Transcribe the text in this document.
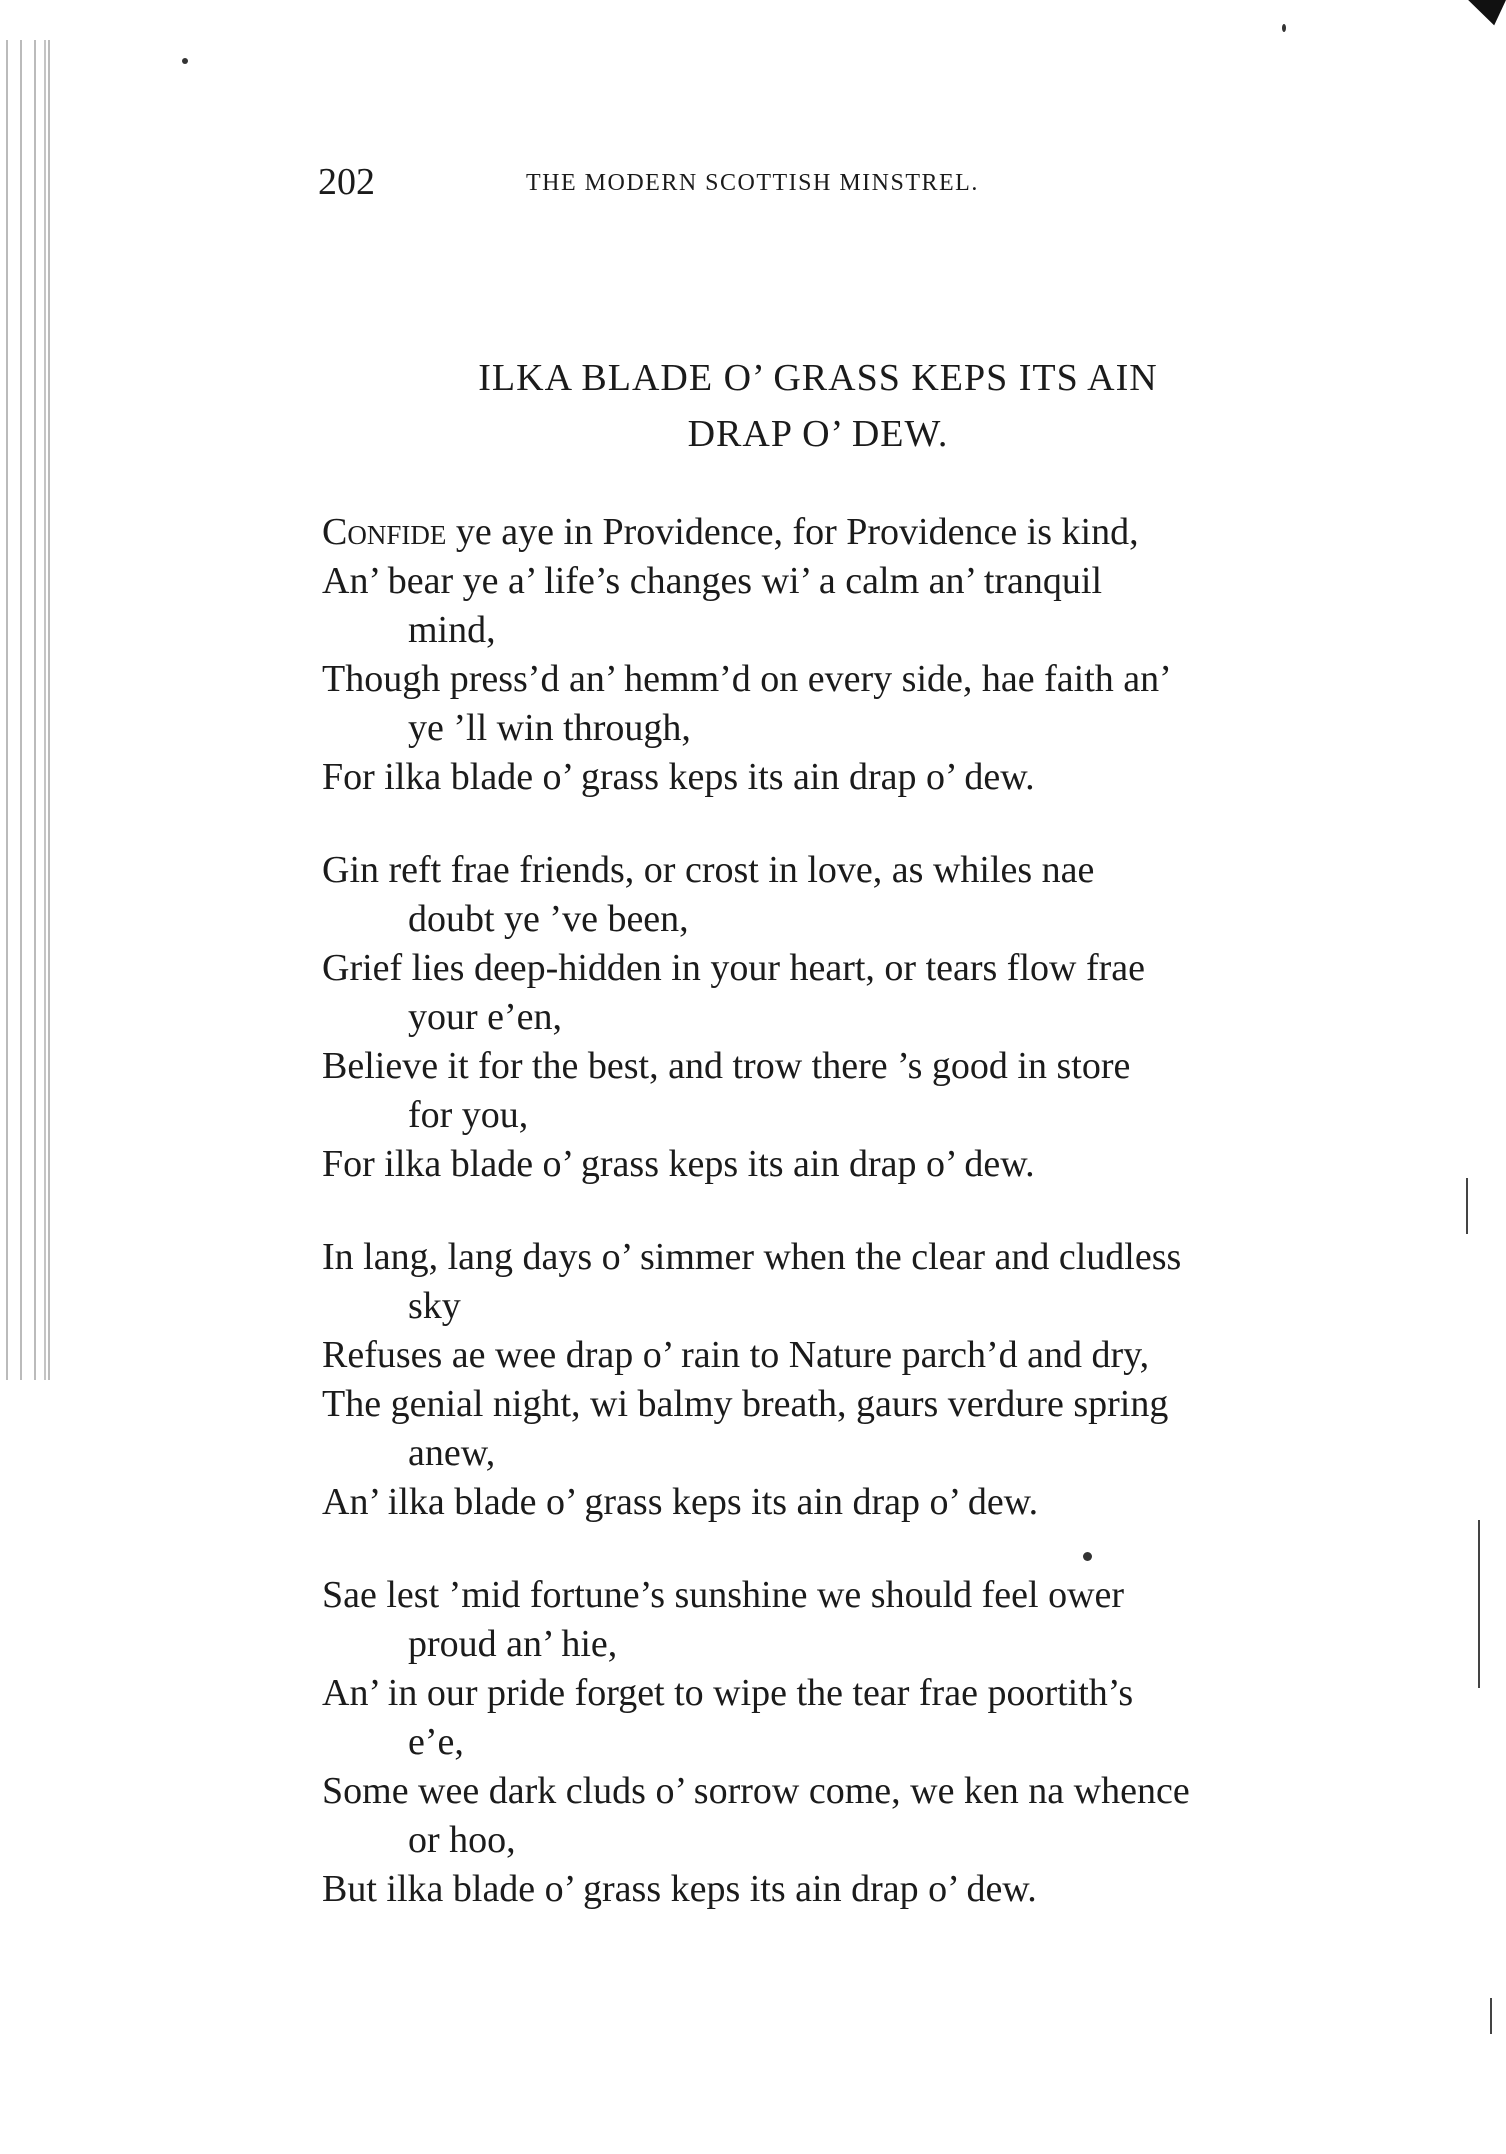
202	THE MODERN SCOTTISH MINSTREL.
ILKA BLADE O’ GRASS KEPS ITS AIN
DRAP O’ DEW.
Confide ye aye in Providence, for Providence is kind,
An’ bear ye a’ life’s changes wi’ a calm an’ tranquil
mind,
Though press’d an’ hemm’d on every side, hae faith an’
ye ’ll win through,
For ilka blade o’ grass keps its ain drap o’ dew.
Gin reft frae friends, or crost in love, as whiles nae
doubt ye ’ve been,
Grief lies deep-hidden in your heart, or tears flow frae
your e’en,
Believe it for the best, and trow there ’s good in store
for you,
For ilka blade o’ grass keps its ain drap o’ dew.
In lang, lang days o’ simmer when the clear and cludless
sky
Refuses ae wee drap o’ rain to Nature parch’d and dry,
The genial night, wi balmy breath, gaurs verdure spring
anew,
An’ ilka blade o’ grass keps its ain drap o’ dew.
Sae lest ’mid fortune’s sunshine we should feel ower
proud an’ hie,
An’ in our pride forget to wipe the tear frae poortith’s
e’e,
Some wee dark cluds o’ sorrow come, we ken na whence
or hoo,
But ilka blade o’ grass keps its ain drap o’ dew.
